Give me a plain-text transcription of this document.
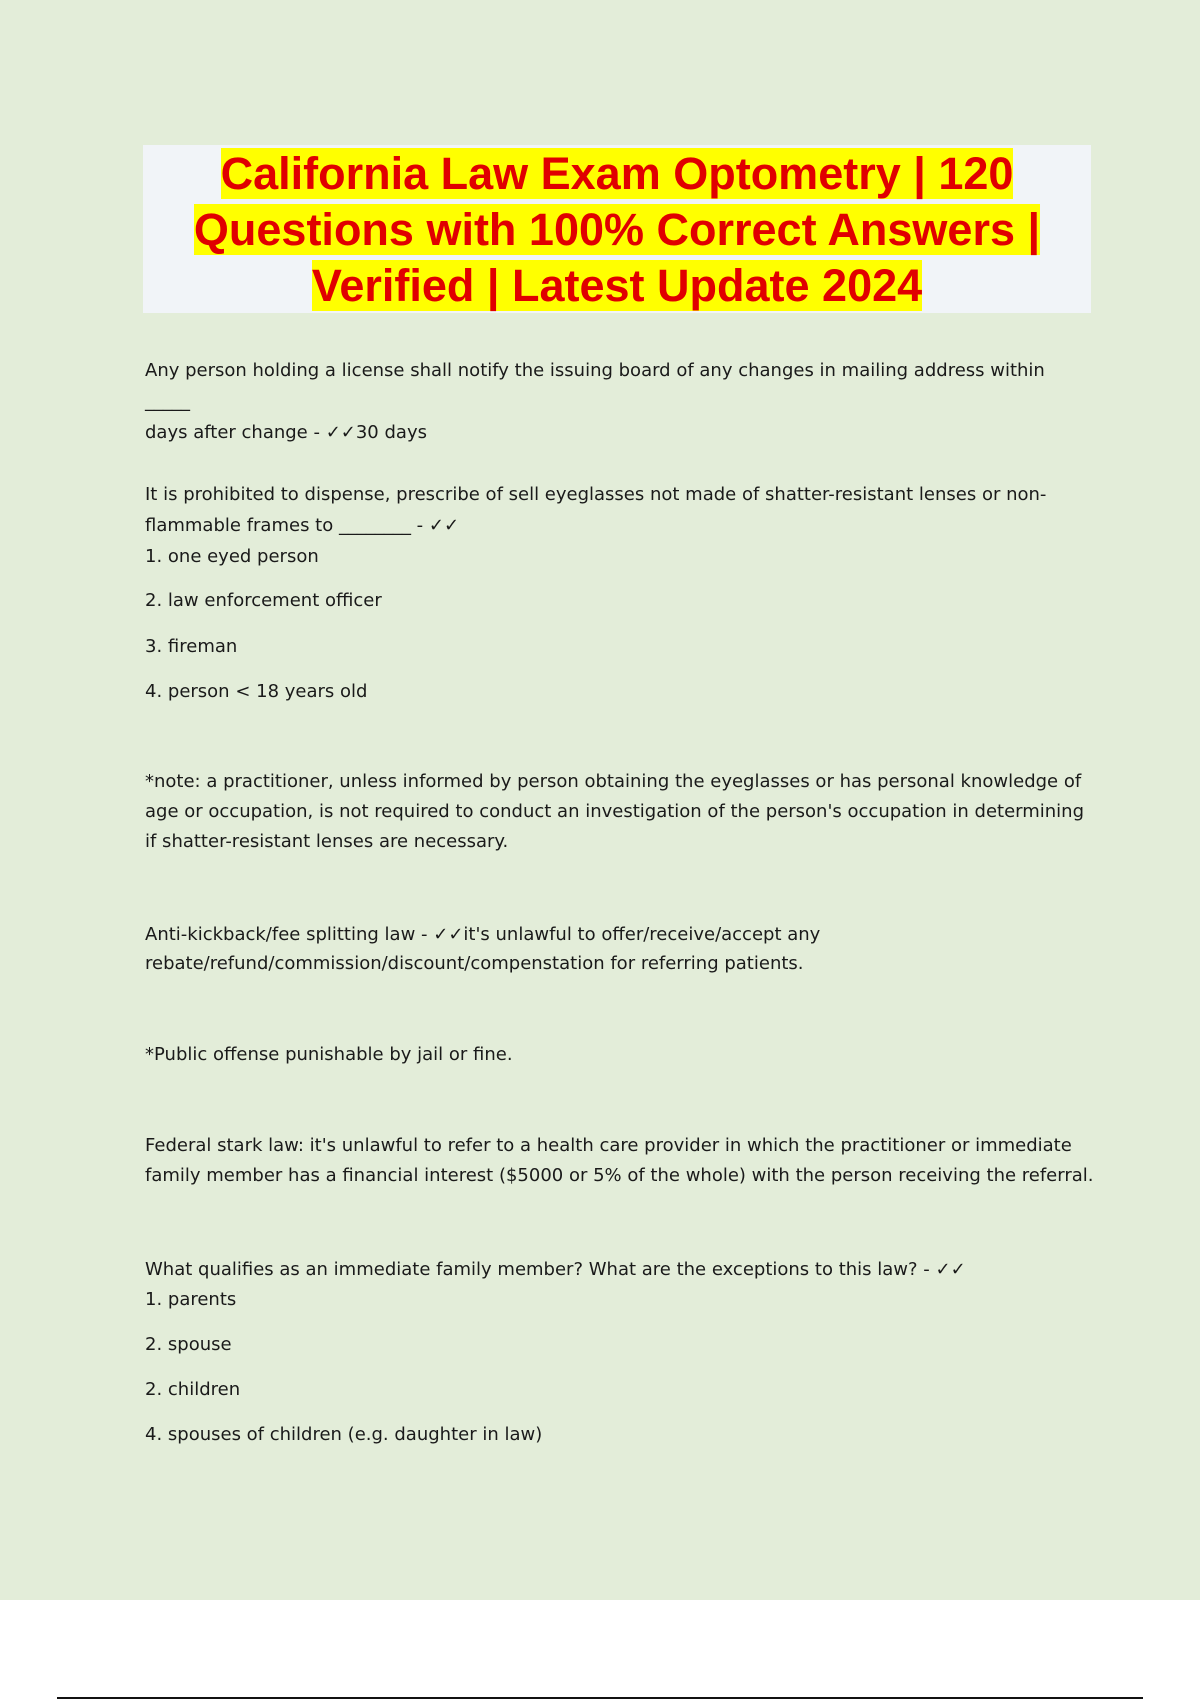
California Law Exam Optometry | 120
Questions with 100% Correct Answers |
Verified | Latest Update 2024

Any person holding a license shall notify the issuing board of any changes in mailing address within _____

days after change - ✓✓30 days

It is prohibited to dispense, prescribe of sell eyeglasses not made of shatter-resistant lenses or non-

flammable frames to ________ - ✓✓

1. one eyed person

2. law enforcement officer

3. fireman

4. person < 18 years old

*note: a practitioner, unless informed by person obtaining the eyeglasses or has personal knowledge of

age or occupation, is not required to conduct an investigation of the person's occupation in determining

if shatter-resistant lenses are necessary.

Anti-kickback/fee splitting law - ✓✓it's unlawful to offer/receive/accept any

rebate/refund/commission/discount/compenstation for referring patients.

*Public offense punishable by jail or fine.

Federal stark law: it's unlawful to refer to a health care provider in which the practitioner or immediate

family member has a financial interest ($5000 or 5% of the whole) with the person receiving the referral.

What qualifies as an immediate family member? What are the exceptions to this law? - ✓✓

1. parents

2. spouse

2. children

4. spouses of children (e.g. daughter in law)
